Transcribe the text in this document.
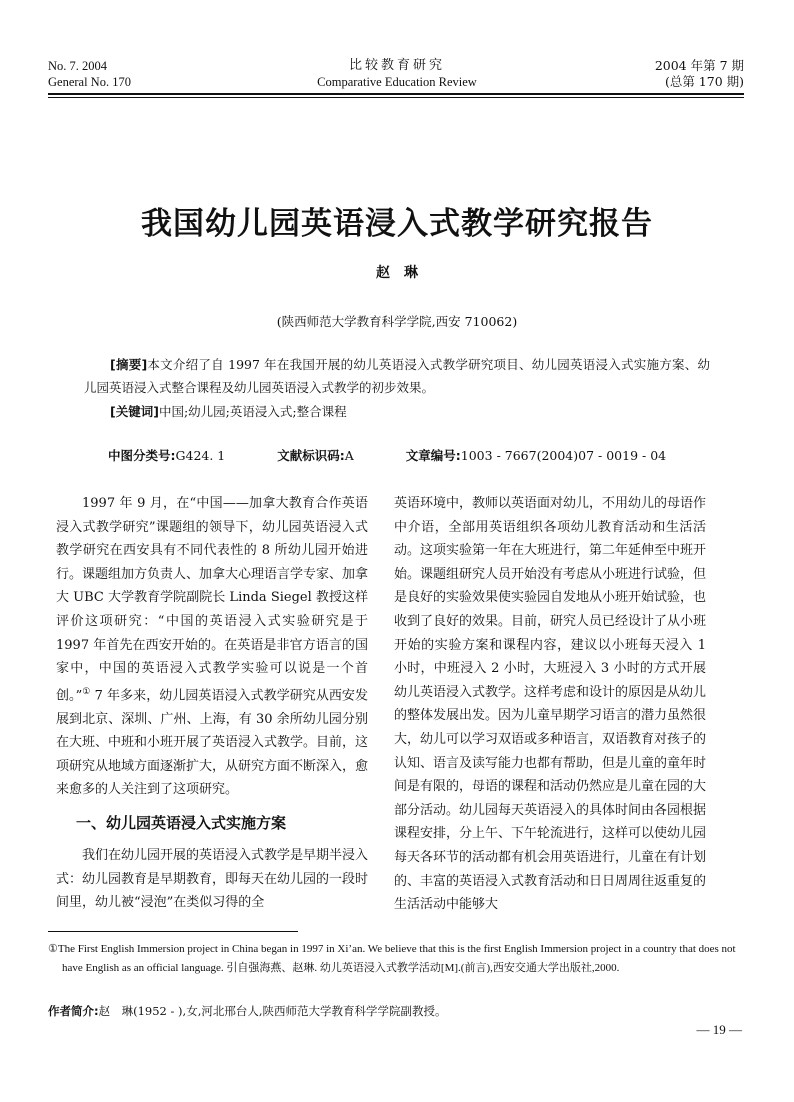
No. 7. 2004
General No. 170
比较教育研究
Comparative Education Review
2004 年第 7 期
(总第 170 期)
我国幼儿园英语浸入式教学研究报告
赵　琳
(陕西师范大学教育科学学院,西安 710062)
[摘要]本文介绍了自 1997 年在我国开展的幼儿英语浸入式教学研究项目、幼儿园英语浸入式实施方案、幼儿园英语浸入式整合课程及幼儿园英语浸入式教学的初步效果。
[关键词]中国;幼儿园;英语浸入式;整合课程
中图分类号:G424. 1	文献标识码:A	文章编号:1003 - 7667(2004)07 - 0019 - 04

1997 年 9 月，在“中国——加拿大教育合作英语浸入式教学研究”课题组的领导下，幼儿园英语浸入式教学研究在西安具有不同代表性的 8 所幼儿园开始进行。课题组加方负责人、加拿大心理语言学专家、加拿大 UBC 大学教育学院副院长 Linda Siegel 教授这样评价这项研究：“中国的英语浸入式实验研究是于 1997 年首先在西安开始的。在英语是非官方语言的国家中，中国的英语浸入式教学实验可以说是一个首创。”① 7 年多来，幼儿园英语浸入式教学研究从西安发展到北京、深圳、广州、上海，有 30 余所幼儿园分别在大班、中班和小班开展了英语浸入式教学。目前，这项研究从地域方面逐渐扩大，从研究方面不断深入，愈来愈多的人关注到了这项研究。

一、幼儿园英语浸入式实施方案

我们在幼儿园开展的英语浸入式教学是早期半浸入式：幼儿园教育是早期教育，即每天在幼儿园的一段时间里，幼儿被“浸泡”在类似习得的全

英语环境中，教师以英语面对幼儿，不用幼儿的母语作中介语，全部用英语组织各项幼儿教育活动和生活活动。这项实验第一年在大班进行，第二年延伸至中班开始。课题组研究人员开始没有考虑从小班进行试验，但是良好的实验效果使实验园自发地从小班开始试验，也收到了良好的效果。目前，研究人员已经设计了从小班开始的实验方案和课程内容，建议以小班每天浸入 1 小时，中班浸入 2 小时，大班浸入 3 小时的方式开展幼儿英语浸入式教学。这样考虑和设计的原因是从幼儿的整体发展出发。因为儿童早期学习语言的潜力虽然很大，幼儿可以学习双语或多种语言，双语教育对孩子的认知、语言及读写能力也都有帮助，但是儿童的童年时间是有限的，母语的课程和活动仍然应是儿童在园的大部分活动。幼儿园每天英语浸入的具体时间由各园根据课程安排，分上午、下午轮流进行，这样可以使幼儿园每天各环节的活动都有机会用英语进行，儿童在有计划的、丰富的英语浸入式教育活动和日日周周往返重复的生活活动中能够大

①The First English Immersion project in China began in 1997 in Xi’an. We believe that this is the first English Immersion project in a country that does not have English as an official language. 引自强海燕、赵琳. 幼儿英语浸入式教学活动[M].(前言),西安交通大学出版社,2000.
作者简介:赵　琳(1952 - ),女,河北邢台人,陕西师范大学教育科学学院副教授。
— 19 —
